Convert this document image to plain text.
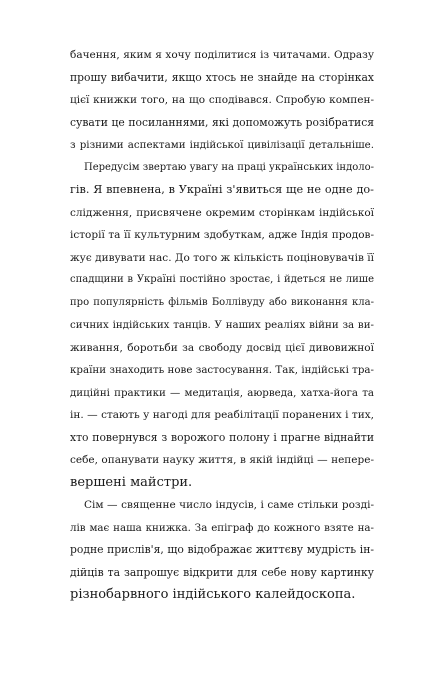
бачення, яким я хочу поділитися із читачами. Одразу
прошу вибачити, якщо хтось не знайде на сторінках
цієї книжки того, на що сподівався. Спробую компен-
сувати це посиланнями, які допоможуть розібратися
з різними аспектами індійської цивілізації детальніше.
Передусім звертаю увагу на праці українських індоло-
гів. Я впевнена, в Україні з'явиться ще не одне до-
слідження, присвячене окремим сторінкам індійської
історії та її культурним здобуткам, адже Індія продов-
жує дивувати нас. До того ж кількість поціновувачів її
спадщини в Україні постійно зростає, і йдеться не лише
про популярність фільмів Боллівуду або виконання кла-
сичних індійських танців. У наших реаліях війни за ви-
живання, боротьби за свободу досвід цієї дивовижної
країни знаходить нове застосування. Так, індійські тра-
диційні практики — медитація, аюрведа, хатха-йога та
ін. — стають у нагоді для реабілітації поранених і тих,
хто повернувся з ворожого полону і прагне віднайти
себе, опанувати науку життя, в якій індійці — непере-
вершені майстри.
Сім — священне число індусів, і саме стільки розді-
лів має наша книжка. За епіграф до кожного взяте на-
родне прислів'я, що відображає життєву мудрість ін-
дійців та запрошує відкрити для себе нову картинку
різнобарвного індійського калейдоскопа.
